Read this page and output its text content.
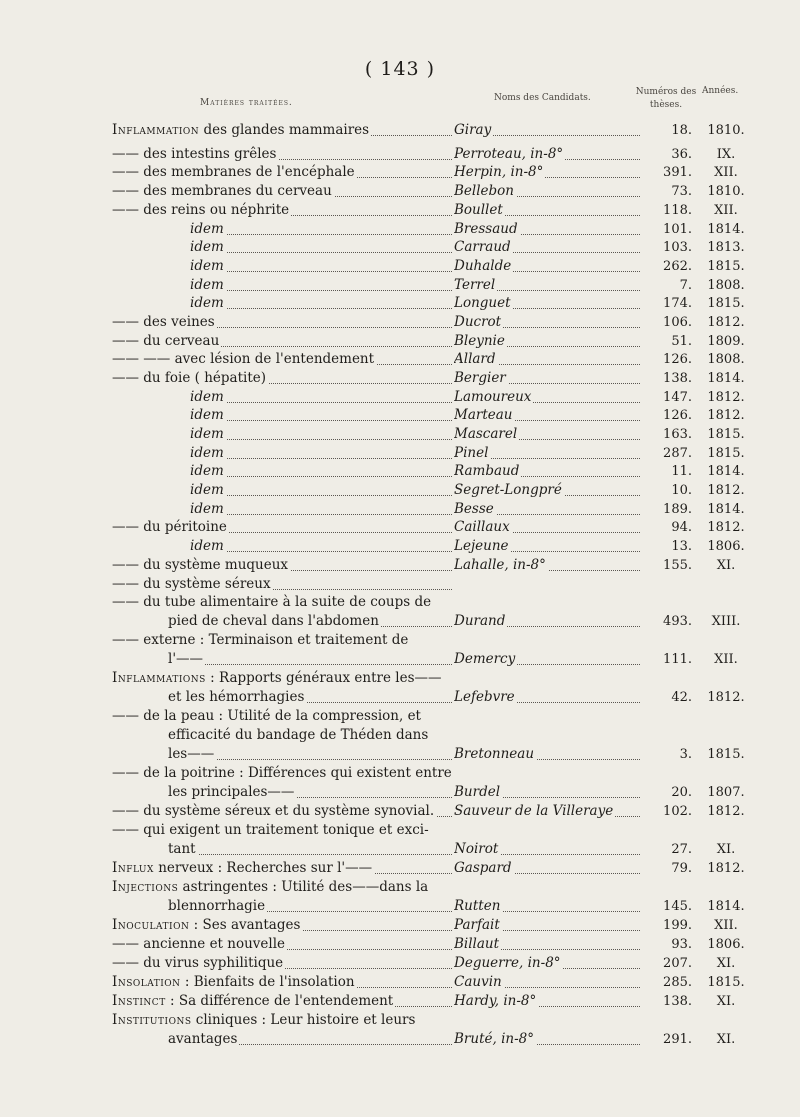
( 143 )
Matières traitées.	Noms des Candidats.
Numéros des thèses.
Années.
Inflammation des glandes mammaires	Giray	18.	1810.
—— des intestins grêles	Perroteau, in-8°	36.	IX.
—— des membranes de l'encéphale	Herpin, in-8°	391.	XII.
—— des membranes du cerveau	Bellebon	73.	1810.
—— des reins ou néphrite	Boullet	118.	XII.
idem	Bressaud	101.	1814.
idem	Carraud	103.	1813.
idem	Duhalde	262.	1815.
idem	Terrel	7.	1808.
idem	Longuet	174.	1815.
—— des veines	Ducrot	106.	1812.
—— du cerveau	Bleynie	51.	1809.
—— —— avec lésion de l'entendement	Allard	126.	1808.
—— du foie ( hépatite)	Bergier	138.	1814.
idem	Lamoureux	147.	1812.
idem	Marteau	126.	1812.
idem	Mascarel	163.	1815.
idem	Pinel	287.	1815.
idem	Rambaud	11.	1814.
idem	Segret-Longpré	10.	1812.
idem	Besse	189.	1814.
—— du péritoine	Caillaux	94.	1812.
idem	Lejeune	13.	1806.
—— du système muqueux	Lahalle, in-8°	155.	XI.
—— du système séreux
—— du tube alimentaire à la suite de coups de
pied de cheval dans l'abdomen	Durand	493.	XIII.
—— externe : Terminaison et traitement de
l'——	Demercy	111.	XII.
Inflammations : Rapports généraux entre les——
et les hémorrhagies	Lefebvre	42.	1812.
—— de la peau : Utilité de la compression, et
efficacité du bandage de Théden dans
les——	Bretonneau	3.	1815.
—— de la poitrine : Différences qui existent entre
les principales——	Burdel	20.	1807.
—— du système séreux et du système synovial.	Sauveur de la Villeraye	102.	1812.
—— qui exigent un traitement tonique et exci-
tant	Noirot	27.	XI.
Influx nerveux : Recherches sur l'——	Gaspard	79.	1812.
Injections astringentes : Utilité des——dans la
blennorrhagie	Rutten	145.	1814.
Inoculation : Ses avantages	Parfait	199.	XII.
—— ancienne et nouvelle	Billaut	93.	1806.
—— du virus syphilitique	Deguerre, in-8°	207.	XI.
Insolation : Bienfaits de l'insolation	Cauvin	285.	1815.
Instinct : Sa différence de l'entendement	Hardy, in-8°	138.	XI.
Institutions cliniques : Leur histoire et leurs
avantages	Bruté, in-8°	291.	XI.
